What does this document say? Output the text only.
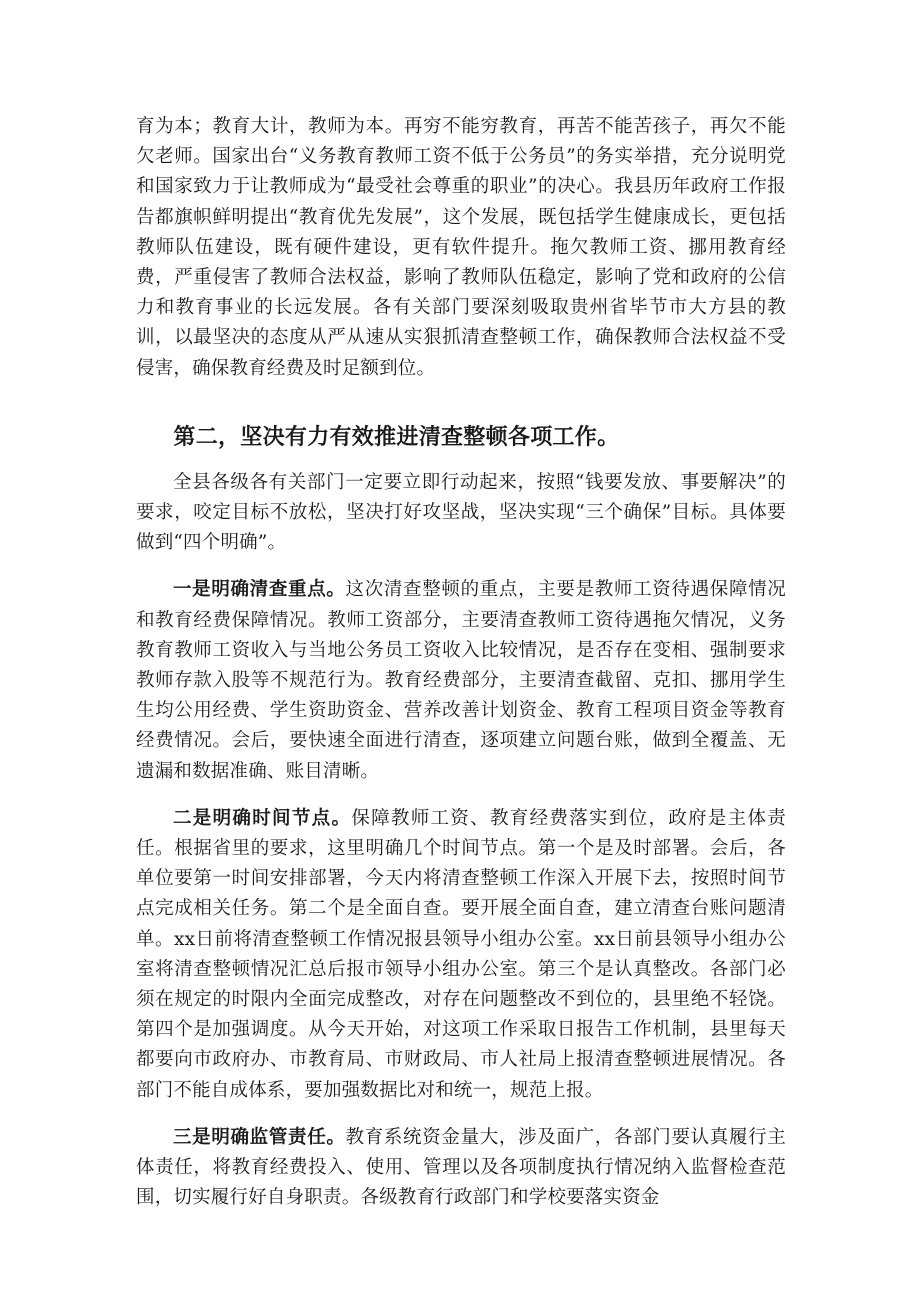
育为本；教育大计，教师为本。再穷不能穷教育，再苦不能苦孩子，再欠不能欠老师。国家出台“义务教育教师工资不低于公务员”的务实举措，充分说明党和国家致力于让教师成为“最受社会尊重的职业”的决心。我县历年政府工作报告都旗帜鲜明提出“教育优先发展”，这个发展，既包括学生健康成长，更包括教师队伍建设，既有硬件建设，更有软件提升。拖欠教师工资、挪用教育经费，严重侵害了教师合法权益，影响了教师队伍稳定，影响了党和政府的公信力和教育事业的长远发展。各有关部门要深刻吸取贵州省毕节市大方县的教训，以最坚决的态度从严从速从实狠抓清查整顿工作，确保教师合法权益不受侵害，确保教育经费及时足额到位。

第二，坚决有力有效推进清查整顿各项工作。

全县各级各有关部门一定要立即行动起来，按照“钱要发放、事要解决”的要求，咬定目标不放松，坚决打好攻坚战，坚决实现“三个确保”目标。具体要做到“四个明确”。

一是明确清查重点。这次清查整顿的重点，主要是教师工资待遇保障情况和教育经费保障情况。教师工资部分，主要清查教师工资待遇拖欠情况，义务教育教师工资收入与当地公务员工资收入比较情况，是否存在变相、强制要求教师存款入股等不规范行为。教育经费部分，主要清查截留、克扣、挪用学生生均公用经费、学生资助资金、营养改善计划资金、教育工程项目资金等教育经费情况。会后，要快速全面进行清查，逐项建立问题台账，做到全覆盖、无遗漏和数据准确、账目清晰。

二是明确时间节点。保障教师工资、教育经费落实到位，政府是主体责任。根据省里的要求，这里明确几个时间节点。第一个是及时部署。会后，各单位要第一时间安排部署，今天内将清查整顿工作深入开展下去，按照时间节点完成相关任务。第二个是全面自查。要开展全面自查，建立清查台账问题清单。xx日前将清查整顿工作情况报县领导小组办公室。xx日前县领导小组办公室将清查整顿情况汇总后报市领导小组办公室。第三个是认真整改。各部门必须在规定的时限内全面完成整改，对存在问题整改不到位的，县里绝不轻饶。第四个是加强调度。从今天开始，对这项工作采取日报告工作机制，县里每天都要向市政府办、市教育局、市财政局、市人社局上报清查整顿进展情况。各部门不能自成体系，要加强数据比对和统一，规范上报。

三是明确监管责任。教育系统资金量大，涉及面广，各部门要认真履行主体责任，将教育经费投入、使用、管理以及各项制度执行情况纳入监督检查范围，切实履行好自身职责。各级教育行政部门和学校要落实资金
